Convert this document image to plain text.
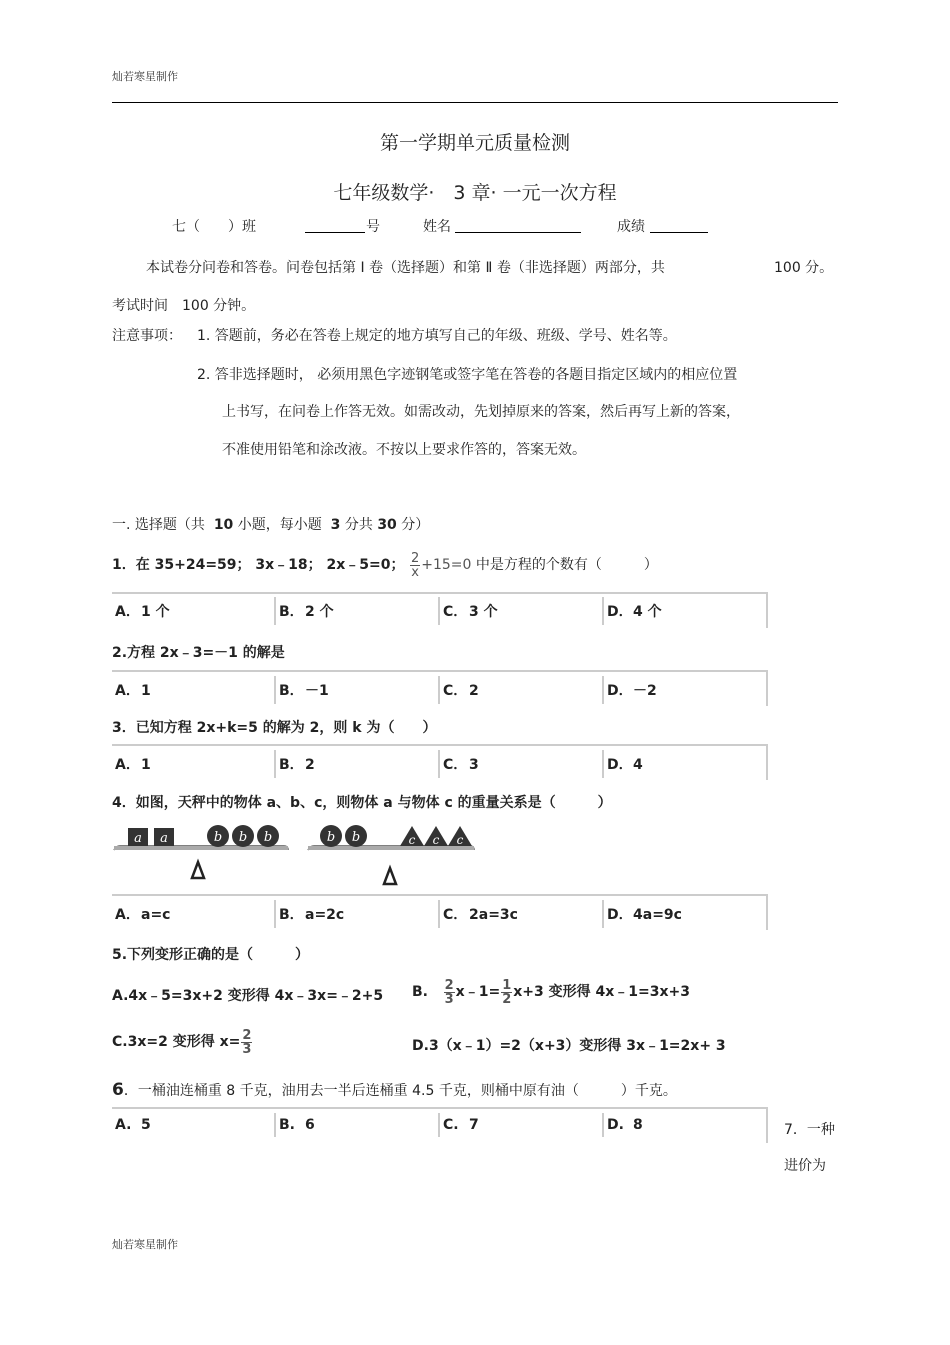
灿若寒星制作
第一学期单元质量检测
七年级数学·　3 章· 一元一次方程
七（　　）班	号	姓名	成绩
本试卷分问卷和答卷。问卷包括第 Ⅰ 卷（选择题）和第 Ⅱ 卷（非选择题）两部分，共	100 分。
考试时间　100 分钟。
注意事项： 1. 答题前，务必在答卷上规定的地方填写自己的年级、班级、学号、姓名等。
2. 答非选择题时， 必须用黑色字迹钢笔或签字笔在答卷的各题目指定区域内的相应位置
上书写，在问卷上作答无效。如需改动，先划掉原来的答案，然后再写上新的答案，
不准使用铅笔和涂改液。不按以上要求作答的，答案无效。
一. 选择题（共 10 小题，每小题 3 分共 30 分）
1．在 35+24=59； 3x﹣18； 2x﹣5=0； $\frac{2}{x} +15=0$ 中是方程的个数有（　　　）
A．1 个	B．2 个	C． 3 个	D．4 个
2.方程 2x﹣3=－1 的解是
A．1	B．－1	C． 2	D．－2
3．已知方程 2x+k=5 的解为 2，则 k 为（　　）
A．1	B．2	C． 3	D．4
4．如图，天秤中的物体 a、b、c，则物体 a 与物体 c 的重量关系是（　　　）
a a	b b b	b b	c c c
A．a=c	B．a=2c	C． 2a=3c	D．4a=9c
5.下列变形正确的是（　　　）
A.4x﹣5=3x+2 变形得 4x﹣3x=﹣2+5 B. $\frac{2}{3}$ x﹣1= $\frac{1}{2} x+3$ 变形得 4x﹣1=3x+3
C.3x=2 变形得 $x= \frac{2}{3}$	D.3（x﹣1）=2（x+3）变形得 3x﹣1=2x+ 3
6．一桶油连桶重 8 千克，油用去一半后连桶重 4.5 千克，则桶中原有油（　　　）千克。
A. 5	B. 6	C. 7	D. 8	7．一种
进价为
灿若寒星制作
